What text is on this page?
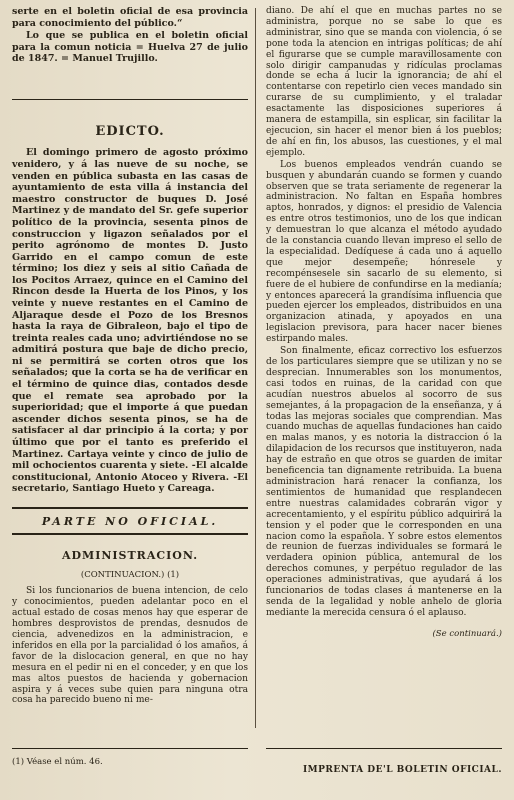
serte en el boletin oficial de esa provincia para conocimiento del público.“

Lo que se publica en el boletin oficial para la comun noticia = Huelva 27 de julio de 1847. = Manuel Trujillo.

EDICTO.

El domingo primero de agosto próximo venidero, y á las nueve de su noche, se venden en pública subasta en las casas de ayuntamiento de esta villa á instancia del maestro constructor de buques D. José Martinez y de mandato del Sr. gefe superior político de la provincia, sesenta pinos de construccion y ligazon señalados por el perito agrónomo de montes D. Justo Garrido en el campo comun de este término; los diez y seis al sitio Cañada de los Pocitos Arraez, quince en el Camino del Rincon desde la Huerta de los Pinos, y los veinte y nueve restantes en el Camino de Aljaraque desde el Pozo de los Bresnos hasta la raya de Gibraleon, bajo el tipo de treinta reales cada uno; advirtiéndose no se admitirá postura que baje de dicho precio, ni se permitirá se corten otros que los señalados; que la corta se ha de verificar en el término de quince dias, contados desde que el remate sea aprobado por la superioridad; que el importe á que puedan ascender dichos sesenta pinos, se ha de satisfacer al dar principio á la corta; y por último que por el tanto es preferido el Martinez. Cartaya veinte y cinco de julio de mil ochocientos cuarenta y siete. -El alcalde constitucional, Antonio Atoceo y Rivera. -El secretario, Santiago Hueto y Careaga.

PARTE NO OFICIAL.
ADMINISTRACION.
(CONTINUACION.) (1)

Si los funcionarios de buena intencion, de celo y conocimientos, pueden adelantar poco en el actual estado de cosas menos hay que esperar de hombres desprovistos de prendas, desnudos de ciencia, advenedizos en la administracion, e inferidos en ella por la parcialidad ó los amaños, á favor de la dislocacion general, en que no hay mesura en el pedir ni en el conceder, y en que los mas altos puestos de hacienda y gobernacion aspira y á veces sube quien para ninguna otra cosa ha parecido bueno ni me-

diano. De ahí el que en muchas partes no se administra, porque no se sabe lo que es administrar, sino que se manda con violencia, ó se pone toda la atencion en intrigas políticas; de ahí el figurarse que se cumple maravillosamente con solo dirigir campanudas y ridículas proclamas donde se echa á lucir la ignorancia; de ahí el contentarse con repetirlo cien veces mandado sin curarse de su cumplimiento, y el traladar esactamente las disposiciones superiores á manera de estampilla, sin esplicar, sin facilitar la ejecucion, sin hacer el menor bien á los pueblos; de ahí en fin, los abusos, las cuestiones, y el mal ejemplo.

Los buenos empleados vendrán cuando se busquen y abundarán cuando se formen y cuando observen que se trata seriamente de regenerar la administracion. No faltan en España hombres aptos, honrados, y dignos: el presidio de Valencia es entre otros testimonios, uno de los que indican y demuestran lo que alcanza el método ayudado de la constancia cuando llevan impreso el sello de la especialidad. Dedíquese á cada uno á aquello que mejor desempeñe; hónresele y recompénsesele sin sacarlo de su elemento, si fuere de el hubiere de confundirse en la medianía; y entonces aparecerá la grandísima influencia que pueden ejercer los empleados, distribuidos en una organizacion atinada, y apoyados en una legislacion previsora, para hacer nacer bienes estirpando males.

Son finalmente, eficaz correctivo los esfuerzos de los particulares siempre que se utilizan y no se desprecian. Innumerables son los monumentos, casi todos en ruinas, de la caridad con que acudían nuestros abuelos al socorro de sus semejantes, á la propagacion de la enseñanza, y á todas las mejoras sociales que comprendian. Mas cuando muchas de aquellas fundaciones han caido en malas manos, y es notoria la distraccion ó la dilapidacion de los recursos que instituyeron, nada hay de estraño en que otros se guarden de imitar beneficencia tan dignamente retribuida. La buena administracion hará renacer la confianza, los sentimientos de humanidad que resplandecen entre nuestras calamidades cobrarán vigor y acrecentamiento, y el espíritu público adquirirá la tension y el poder que le corresponden en una nacion como la española. Y sobre estos elementos de reunion de fuerzas individuales se formará le verdadera opinion pública, antemural de los derechos comunes, y perpétuo regulador de las operaciones administrativas, que ayudará á los funcionarios de todas clases á mantenerse en la senda de la legalidad y noble anhelo de gloria mediante la merecida censura ó el aplauso.

(Se continuará.)
(1) Véase el núm. 46.
IMPRENTA DE'L BOLETIN OFICIAL.
